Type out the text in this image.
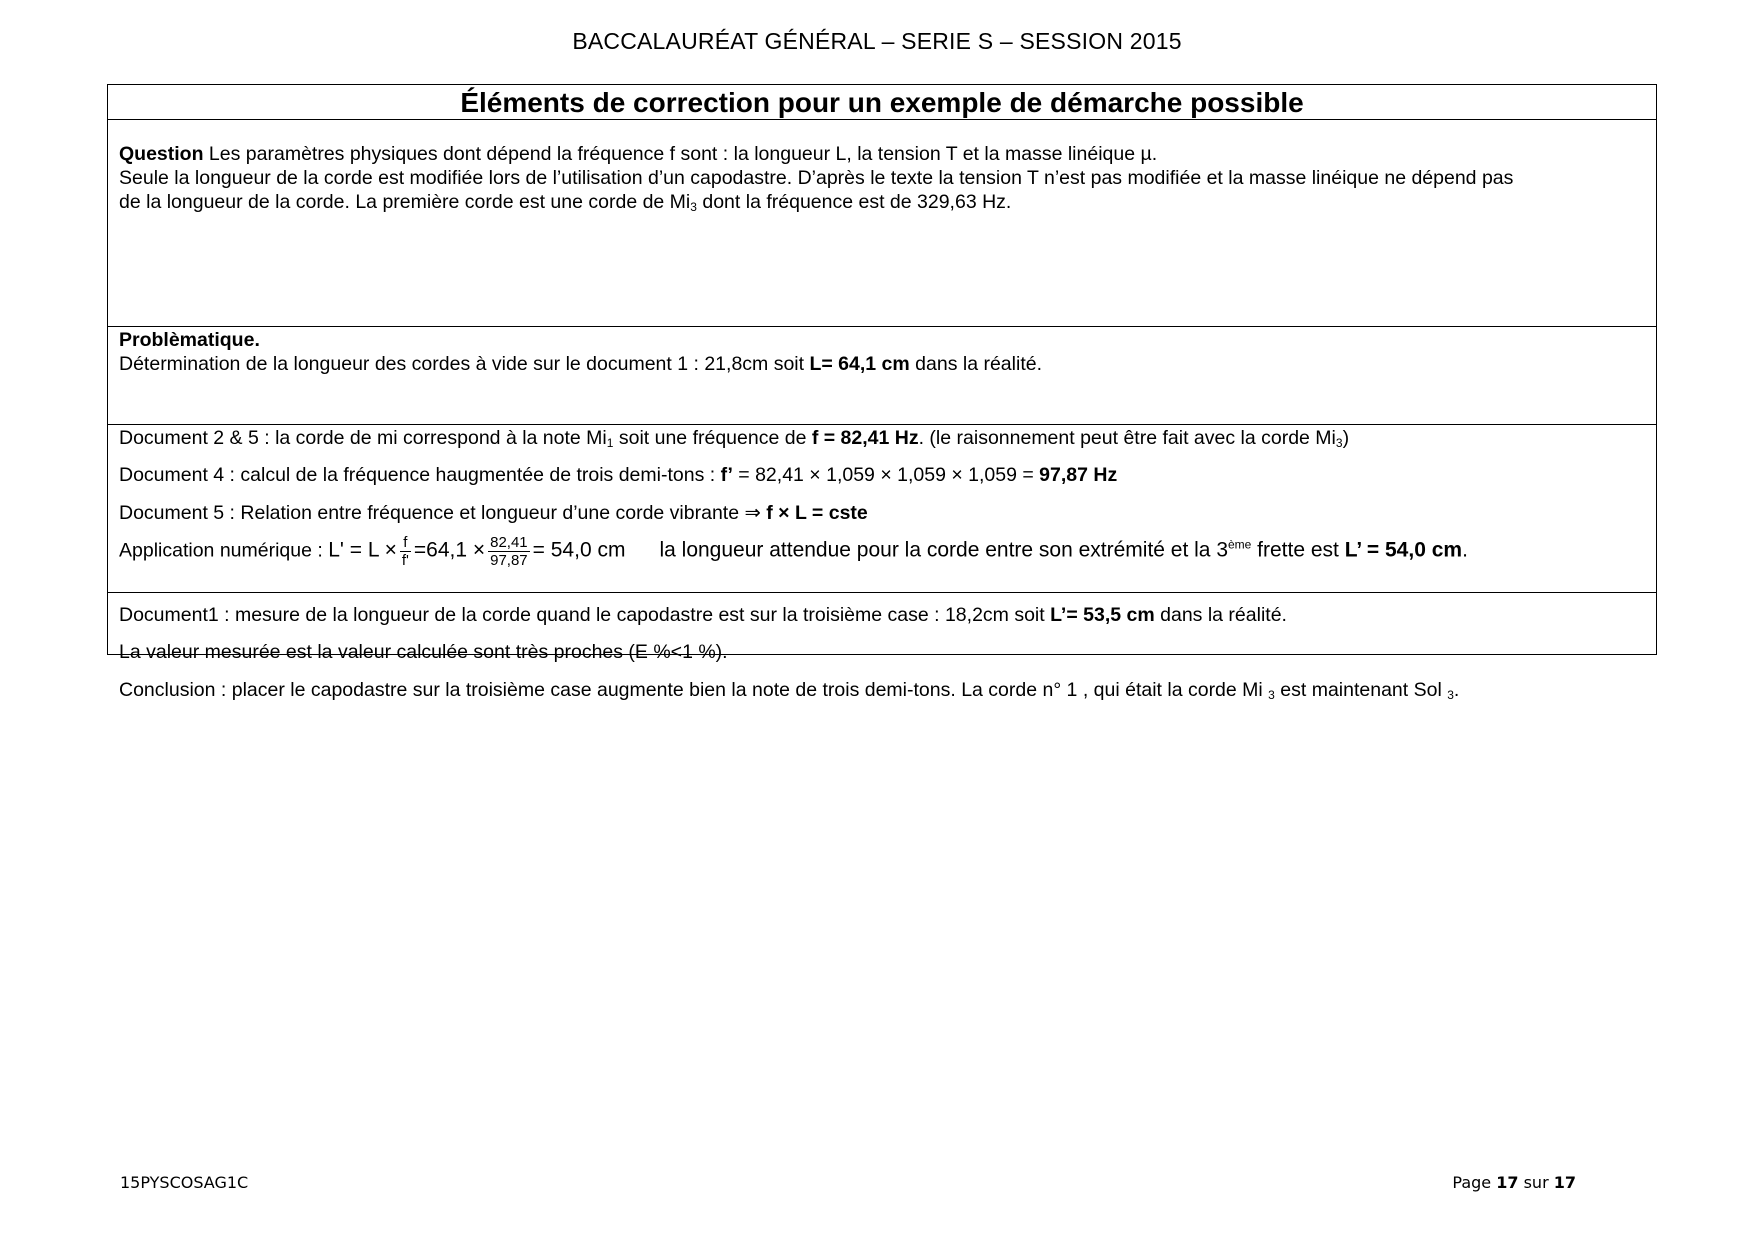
BACCALAURÉAT GÉNÉRAL – SERIE S – SESSION 2015
Éléments de correction pour un exemple de démarche possible
Question Les paramètres physiques dont dépend la fréquence f sont : la longueur L, la tension T et la masse linéique µ.
Seule la longueur de la corde est modifiée lors de l’utilisation d’un capodastre. D’après le texte la tension T n’est pas modifiée et la masse linéique ne dépend pas
de la longueur de la corde. La première corde est une corde de $Mi_3$ dont la fréquence est de 329,63 Hz.
Problèmatique.
Détermination de la longueur des cordes à vide sur le document 1 : 21,8cm soit L= 64,1 cm dans la réalité.
Document 2 & 5 : la corde de mi correspond à la note $Mi_1$ soit une fréquence de f = 82,41 Hz. (le raisonnement peut être fait avec la corde $Mi_3$)
Document 4 : calcul de la fréquence haugmentée de trois demi-tons : f’ = 82,41 × 1,059 × 1,059 × 1,059 = 97,87 Hz
Document 5 : Relation entre fréquence et longueur d’une corde vibrante ⇒ f × L = cste
Application numérique : $L' = L \times \frac{f}{f'} =64,1 \times \frac{82,41}{97,87} = 54,0$ cm la longueur attendue pour la corde entre son extrémité et la 3ème frette est L’ = 54,0 cm.
Document1 : mesure de la longueur de la corde quand le capodastre est sur la troisième case : 18,2cm soit L’= 53,5 cm dans la réalité.
La valeur mesurée est la valeur calculée sont très proches (E %<1 %).
Conclusion : placer le capodastre sur la troisième case augmente bien la note de trois demi-tons. La corde n° 1 , qui était la corde Mi $_3$ est maintenant Sol $_3$.
15PYSCOSAG1C	Page 17 sur 17
